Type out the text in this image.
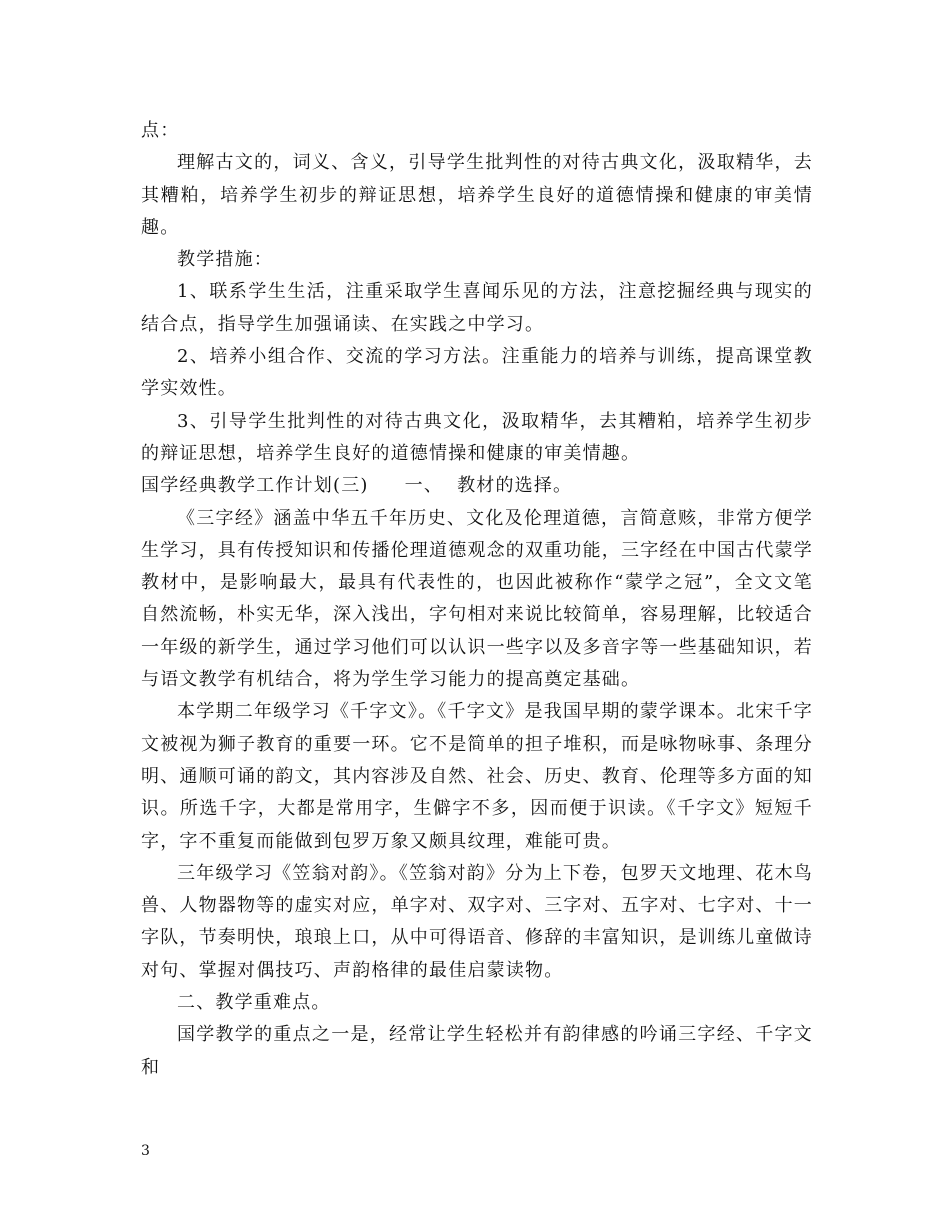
点：

理解古文的，词义、含义，引导学生批判性的对待古典文化，汲取精华，去其糟粕，培养学生初步的辩证思想，培养学生良好的道德情操和健康的审美情趣。

教学措施：

1、联系学生生活，注重采取学生喜闻乐见的方法，注意挖掘经典与现实的结合点，指导学生加强诵读、在实践之中学习。

2、培养小组合作、交流的学习方法。注重能力的培养与训练，提高课堂教学实效性。

3、引导学生批判性的对待古典文化，汲取精华，去其糟粕，培养学生初步的辩证思想，培养学生良好的道德情操和健康的审美情趣。

国学经典教学工作计划(三) 一、 教材的选择。

《三字经》涵盖中华五千年历史、文化及伦理道德，言简意赅，非常方便学生学习，具有传授知识和传播伦理道德观念的双重功能，三字经在中国古代蒙学教材中，是影响最大，最具有代表性的，也因此被称作“蒙学之冠”，全文文笔自然流畅，朴实无华，深入浅出，字句相对来说比较简单，容易理解，比较适合一年级的新学生，通过学习他们可以认识一些字以及多音字等一些基础知识，若与语文教学有机结合，将为学生学习能力的提高奠定基础。

本学期二年级学习《千字文》。《千字文》是我国早期的蒙学课本。北宋千字文被视为狮子教育的重要一环。它不是简单的担子堆积，而是咏物咏事、条理分明、通顺可诵的韵文，其内容涉及自然、社会、历史、教育、伦理等多方面的知识。所选千字，大都是常用字，生僻字不多，因而便于识读。《千字文》短短千字，字不重复而能做到包罗万象又颇具纹理，难能可贵。

三年级学习《笠翁对韵》。《笠翁对韵》分为上下卷，包罗天文地理、花木鸟兽、人物器物等的虚实对应，单字对、双字对、三字对、五字对、七字对、十一字队，节奏明快，琅琅上口，从中可得语音、修辞的丰富知识，是训练儿童做诗对句、掌握对偶技巧、声韵格律的最佳启蒙读物。

二、教学重难点。

国学教学的重点之一是，经常让学生轻松并有韵律感的吟诵三字经、千字文和

3
